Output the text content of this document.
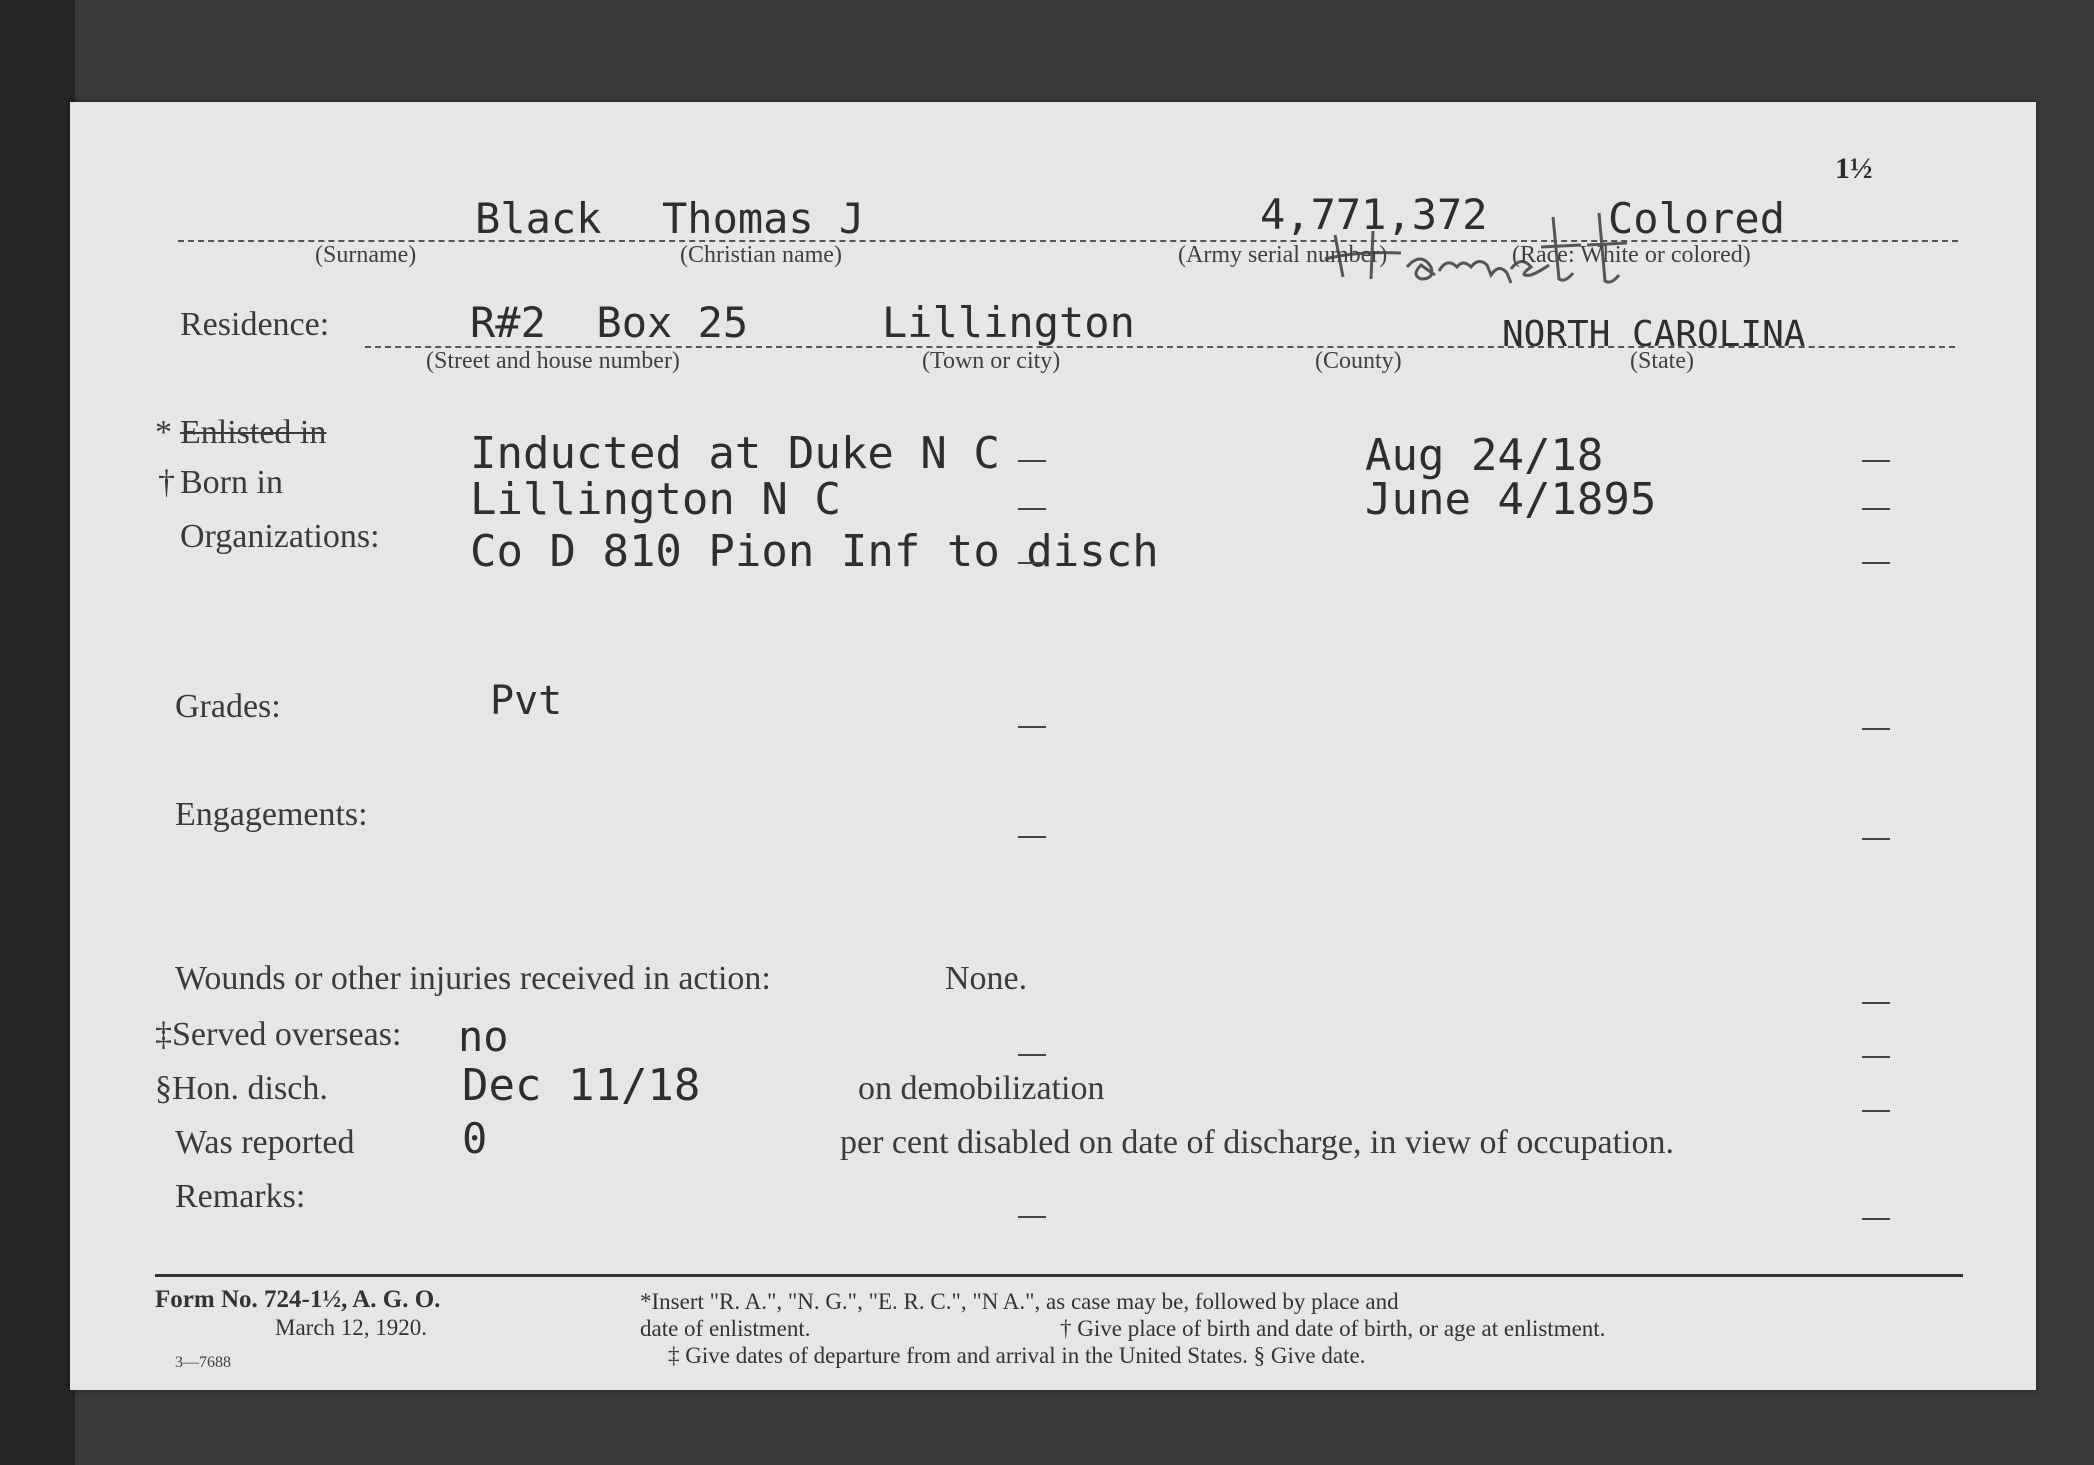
1½
Black Thomas J	4,771,372	Colored
(Surname)	(Christian name)	(Army serial number)	(Race: White or colored)
Residence:	R#2  Box 25	Lillington	NORTH CAROLINA
(Street and house number)	(Town or city)	(County)	(State)
* Enlisted in	Inducted at Duke N C	Aug 24/18
† Born in	Lillington N C	June 4/1895
Organizations: Co D 810 Pion Inf to disch
Grades:	Pvt
Engagements:
Wounds or other injuries received in action:	None.
‡Served overseas: no
§Hon. disch.	Dec 11/18	on demobilization
Was reported	0	per cent disabled on date of discharge, in view of occupation.
Remarks:
Form No. 724-1½, A. G. O.
March 12, 1920.
3—7688
*Insert "R. A.", "N. G.", "E. R. C.", "N A.", as case may be, followed by place and
date of enlistment.	† Give place of birth and date of birth, or age at enlistment.
‡ Give dates of departure from and arrival in the United States. § Give date.
